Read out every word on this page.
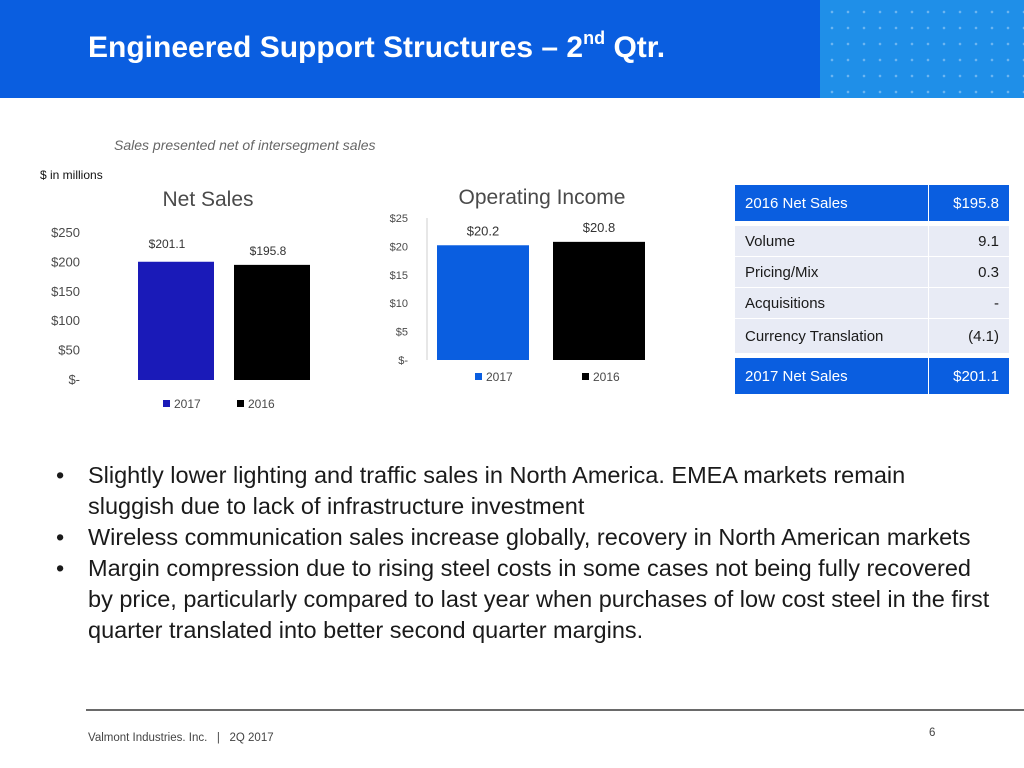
Engineered Support Structures – 2nd Qtr.
Sales presented net of intersegment sales
$ in millions
Net Sales
$-
$50
$100
$150
$200
$250
$201.1
$195.8
2017	2016
Operating Income
$-
$5
$10
$15
$20
$25
$20.2	$20.8
2017	2016
2016 Net Sales	$195.8

Volume	9.1
Pricing/Mix	0.3
Acquisitions	-
Currency Translation	(4.1)

2017 Net Sales	$201.1
• Slightly lower lighting and traffic sales in North America. EMEA markets remain sluggish due to lack of infrastructure investment
• Wireless communication sales increase globally, recovery in North American markets
• Margin compression due to rising steel costs in some cases not being fully recovered by price, particularly compared to last year when purchases of low cost steel in the first quarter translated into better second quarter margins.
Valmont Industries. Inc. | 2Q 2017	6
